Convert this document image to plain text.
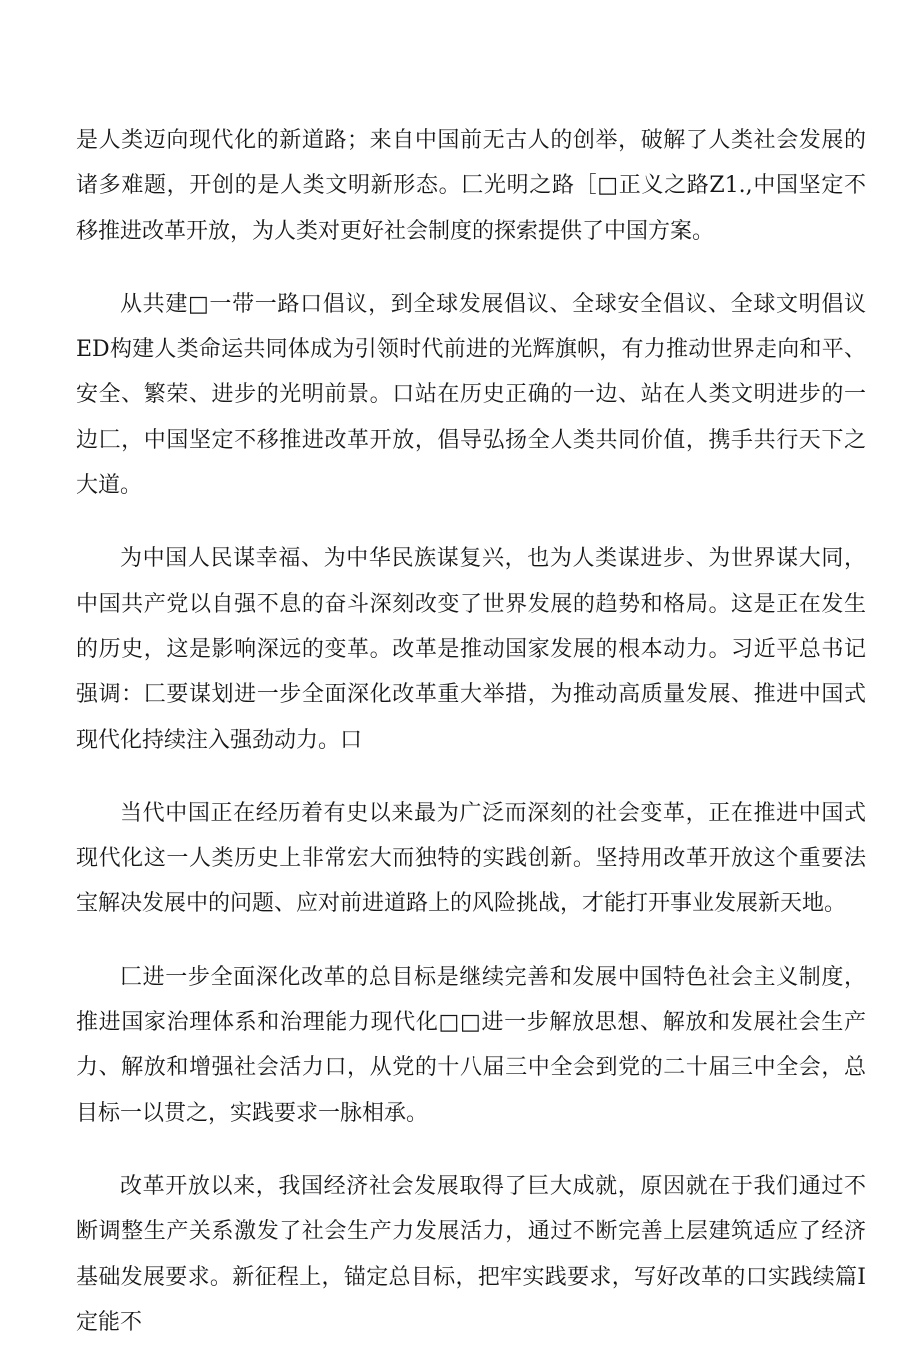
是人类迈向现代化的新道路；来自中国前无古人的创举，破解了人类社会发展的诸多难题，开创的是人类文明新形态。匚光明之路［□正义之路Z1.,中国坚定不移推进改革开放，为人类对更好社会制度的探索提供了中国方案。

从共建□一带一路口倡议，到全球发展倡议、全球安全倡议、全球文明倡议ED构建人类命运共同体成为引领时代前进的光辉旗帜，有力推动世界走向和平、安全、繁荣、进步的光明前景。口站在历史正确的一边、站在人类文明进步的一边匚，中国坚定不移推进改革开放，倡导弘扬全人类共同价值，携手共行天下之大道。

为中国人民谋幸福、为中华民族谋复兴，也为人类谋进步、为世界谋大同，中国共产党以自强不息的奋斗深刻改变了世界发展的趋势和格局。这是正在发生的历史，这是影响深远的变革。改革是推动国家发展的根本动力。习近平总书记强调：匚要谋划进一步全面深化改革重大举措，为推动高质量发展、推进中国式现代化持续注入强劲动力。口

当代中国正在经历着有史以来最为广泛而深刻的社会变革，正在推进中国式现代化这一人类历史上非常宏大而独特的实践创新。坚持用改革开放这个重要法宝解决发展中的问题、应对前进道路上的风险挑战，才能打开事业发展新天地。

匚进一步全面深化改革的总目标是继续完善和发展中国特色社会主义制度，推进国家治理体系和治理能力现代化□□进一步解放思想、解放和发展社会生产力、解放和增强社会活力口，从党的十八届三中全会到党的二十届三中全会，总目标一以贯之，实践要求一脉相承。

改革开放以来，我国经济社会发展取得了巨大成就，原因就在于我们通过不断调整生产关系激发了社会生产力发展活力，通过不断完善上层建筑适应了经济基础发展要求。新征程上，锚定总目标，把牢实践要求，写好改革的口实践续篇I定能不
